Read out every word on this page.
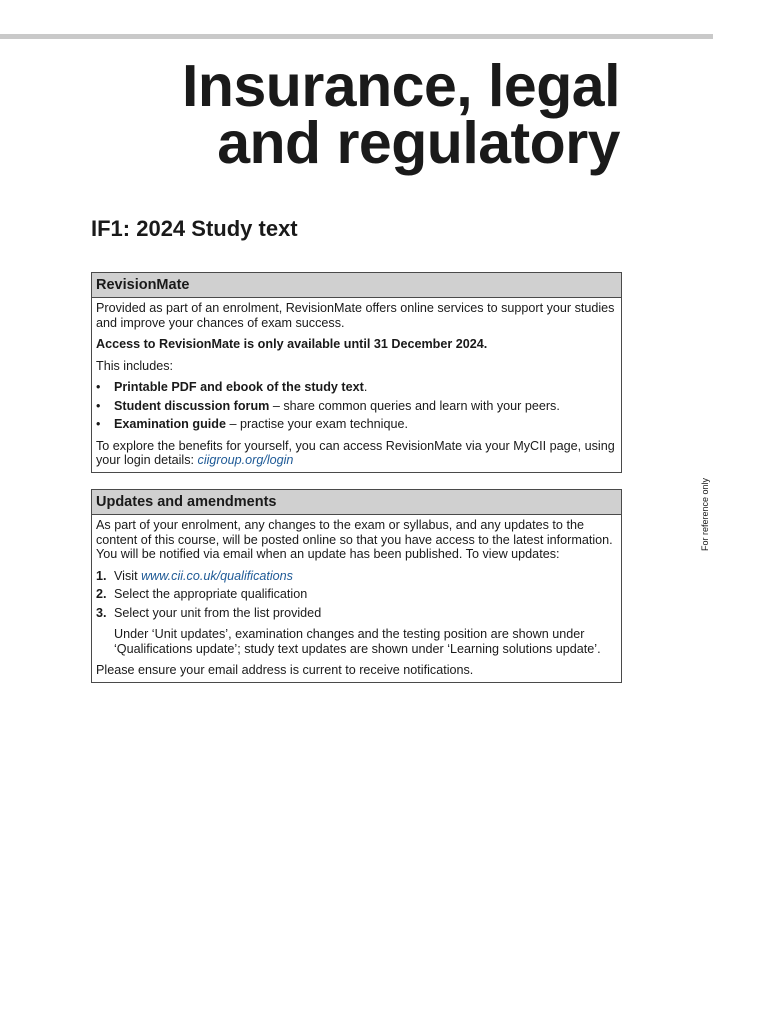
Insurance, legal
and regulatory
IF1: 2024 Study text
RevisionMate

Provided as part of an enrolment, RevisionMate offers online services to support your studies and improve your chances of exam success.

Access to RevisionMate is only available until 31 December 2024.

This includes:

• Printable PDF and ebook of the study text.
• Student discussion forum – share common queries and learn with your peers.
• Examination guide – practise your exam technique.

To explore the benefits for yourself, you can access RevisionMate via your MyCII page, using your login details: ciigroup.org/login

Updates and amendments

As part of your enrolment, any changes to the exam or syllabus, and any updates to the content of this course, will be posted online so that you have access to the latest information. You will be notified via email when an update has been published. To view updates:

1. Visit www.cii.co.uk/qualifications
2. Select the appropriate qualification
3. Select your unit from the list provided

Under ‘Unit updates’, examination changes and the testing position are shown under ‘Qualifications update’; study text updates are shown under ‘Learning solutions update’.

Please ensure your email address is current to receive notifications.

For reference only
